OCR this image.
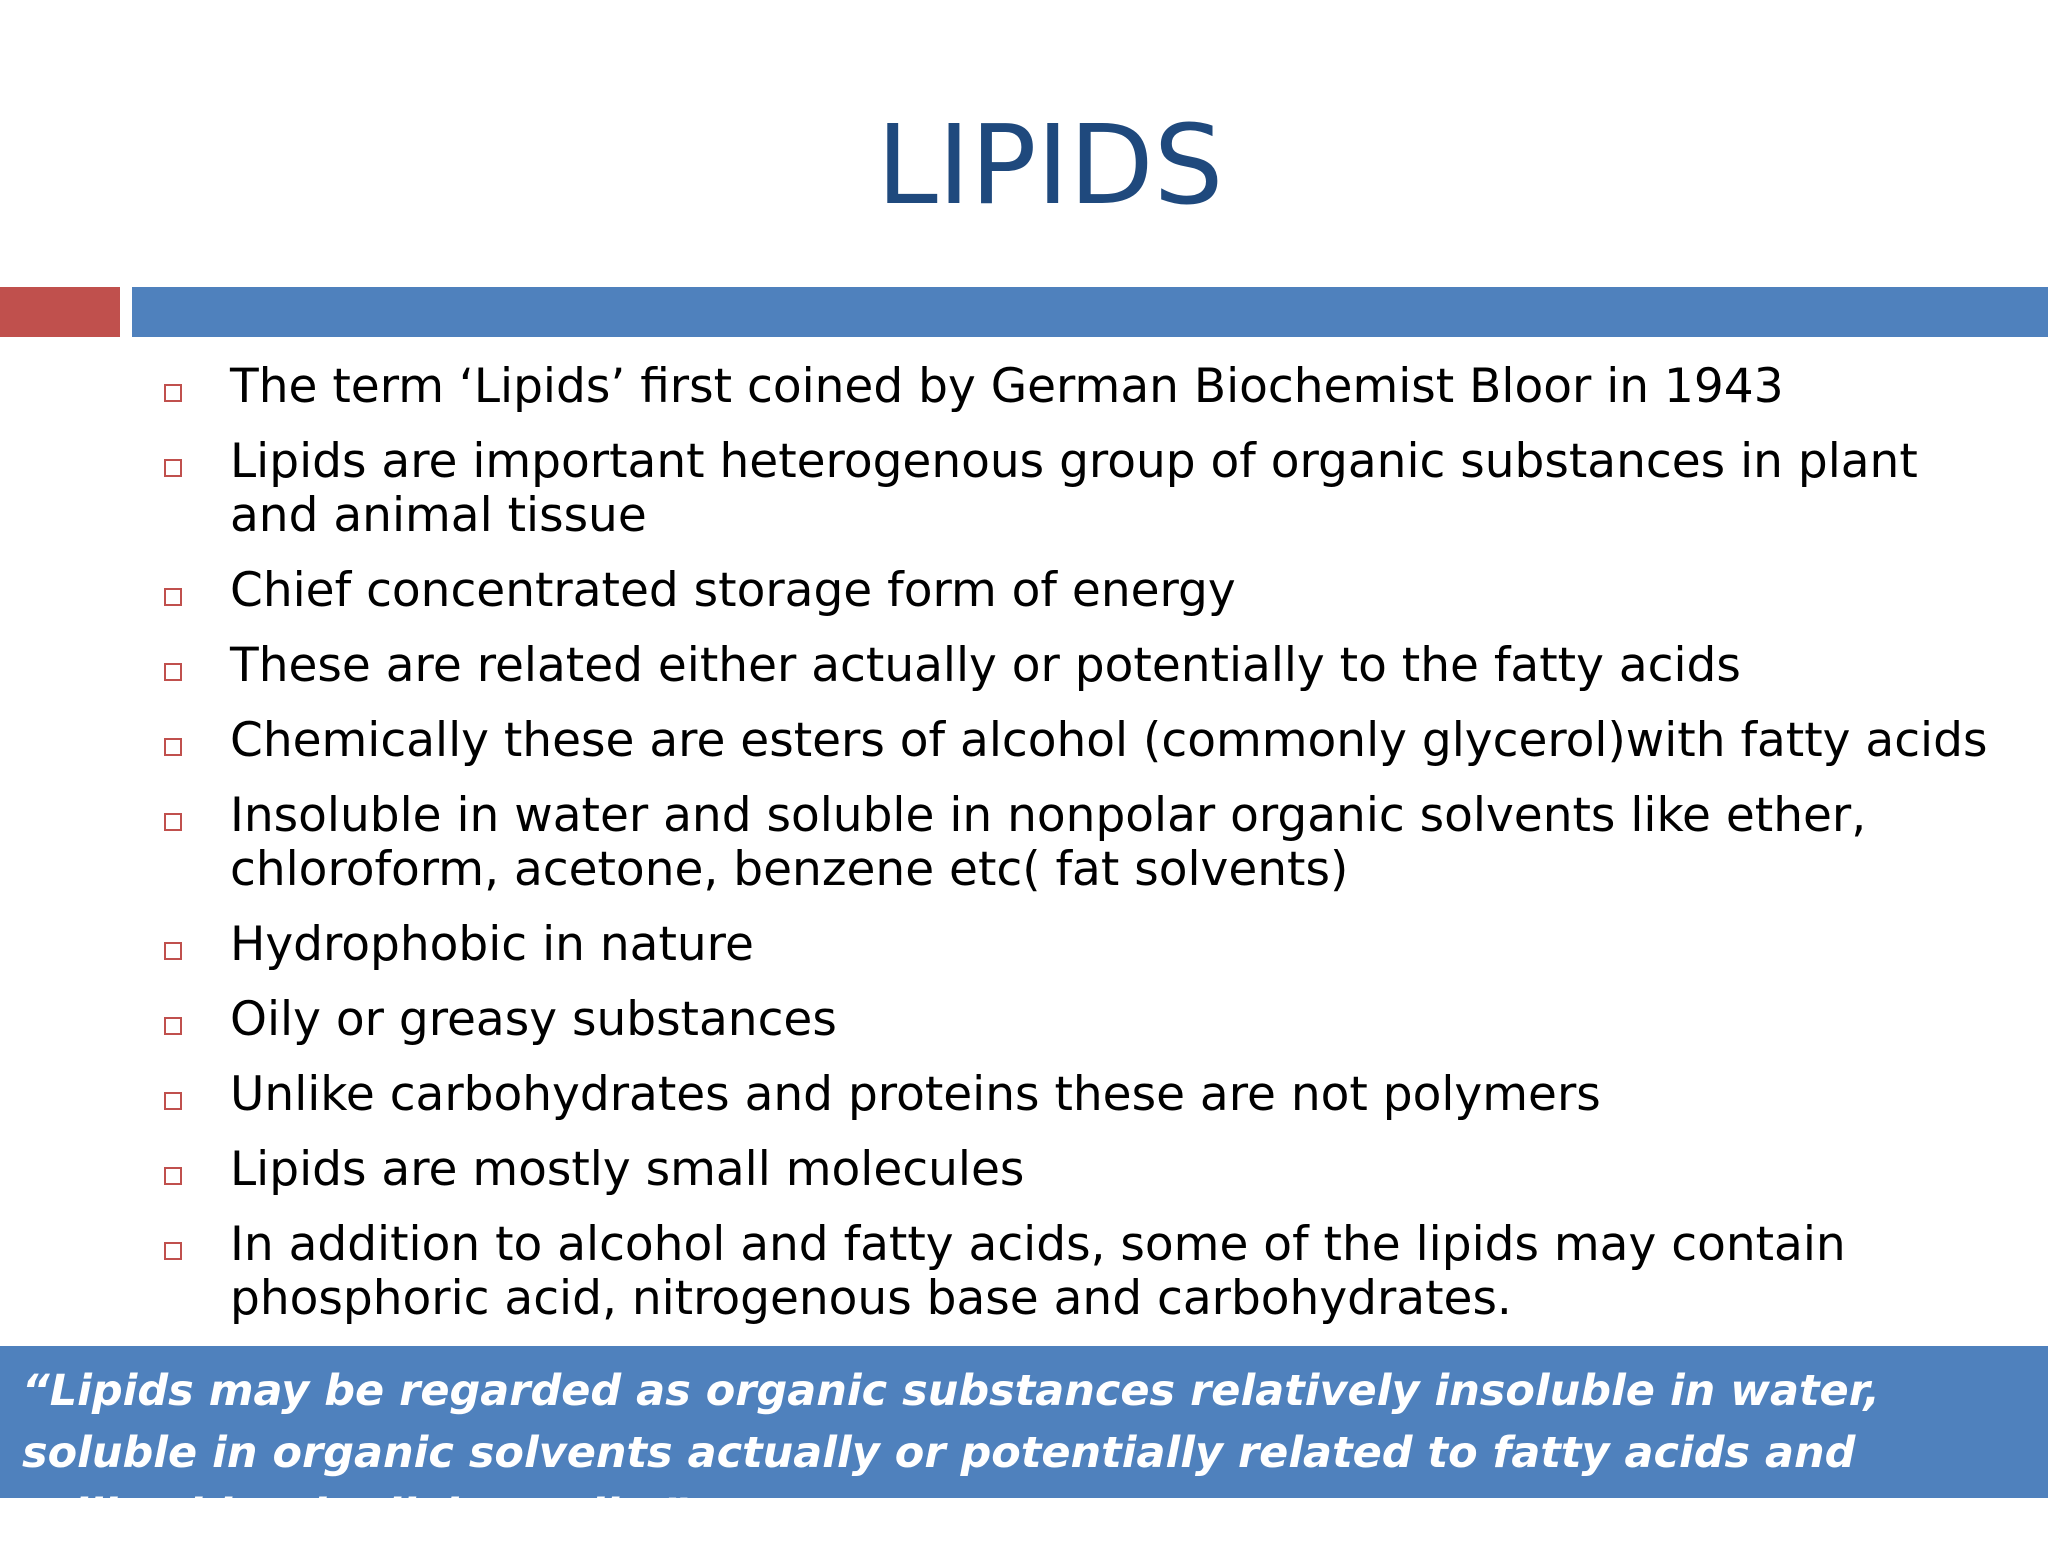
LIPIDS
The term ‘Lipids’ first coined by German Biochemist Bloor in 1943
Lipids are important heterogenous group of organic substances in plant and animal tissue
Chief concentrated storage form of energy
These are related either actually or potentially to the fatty acids
Chemically these are esters of alcohol (commonly glycerol)with fatty acids
Insoluble in water and soluble in nonpolar organic solvents like ether, chloroform, acetone, benzene etc( fat solvents)
Hydrophobic in nature
Oily or greasy substances
Unlike carbohydrates and proteins these are not polymers
Lipids are mostly small molecules
In addition to alcohol and fatty acids, some of the lipids may contain phosphoric acid, nitrogenous base and carbohydrates.

“Lipids may be regarded as organic substances relatively insoluble in water, soluble in organic solvents actually or potentially related to fatty acids and utilized by the living cells.”
